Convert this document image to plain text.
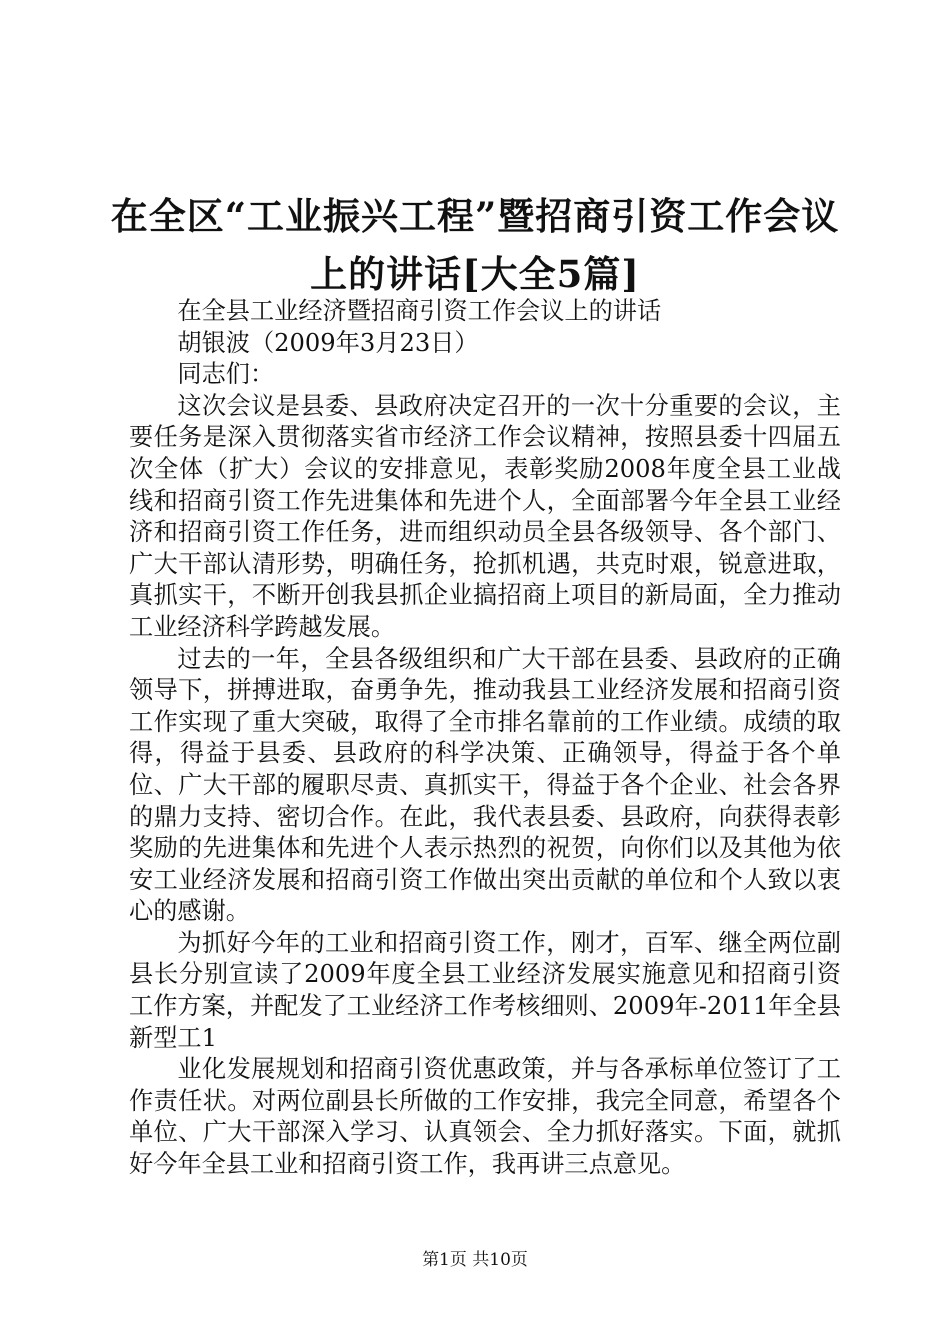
在全区“工业振兴工程”暨招商引资工作会议
上的讲话[大全5篇]

在全县工业经济暨招商引资工作会议上的讲话

胡银波（2009年3月23日）

同志们：

这次会议是县委、县政府决定召开的一次十分重要的会议，主要任务是深入贯彻落实省市经济工作会议精神，按照县委十四届五次全体（扩大）会议的安排意见，表彰奖励2008年度全县工业战线和招商引资工作先进集体和先进个人，全面部署今年全县工业经济和招商引资工作任务，进而组织动员全县各级领导、各个部门、广大干部认清形势，明确任务，抢抓机遇，共克时艰，锐意进取，真抓实干，不断开创我县抓企业搞招商上项目的新局面，全力推动工业经济科学跨越发展。

过去的一年，全县各级组织和广大干部在县委、县政府的正确领导下，拼搏进取，奋勇争先，推动我县工业经济发展和招商引资工作实现了重大突破，取得了全市排名靠前的工作业绩。成绩的取得，得益于县委、县政府的科学决策、正确领导，得益于各个单位、广大干部的履职尽责、真抓实干，得益于各个企业、社会各界的鼎力支持、密切合作。在此，我代表县委、县政府，向获得表彰奖励的先进集体和先进个人表示热烈的祝贺，向你们以及其他为依安工业经济发展和招商引资工作做出突出贡献的单位和个人致以衷心的感谢。

为抓好今年的工业和招商引资工作，刚才，百军、继全两位副县长分别宣读了2009年度全县工业经济发展实施意见和招商引资工作方案，并配发了工业经济工作考核细则、2009年-2011年全县新型工1

业化发展规划和招商引资优惠政策，并与各承标单位签订了工作责任状。对两位副县长所做的工作安排，我完全同意，希望各个单位、广大干部深入学习、认真领会、全力抓好落实。下面，就抓好今年全县工业和招商引资工作，我再讲三点意见。

第1页 共10页
